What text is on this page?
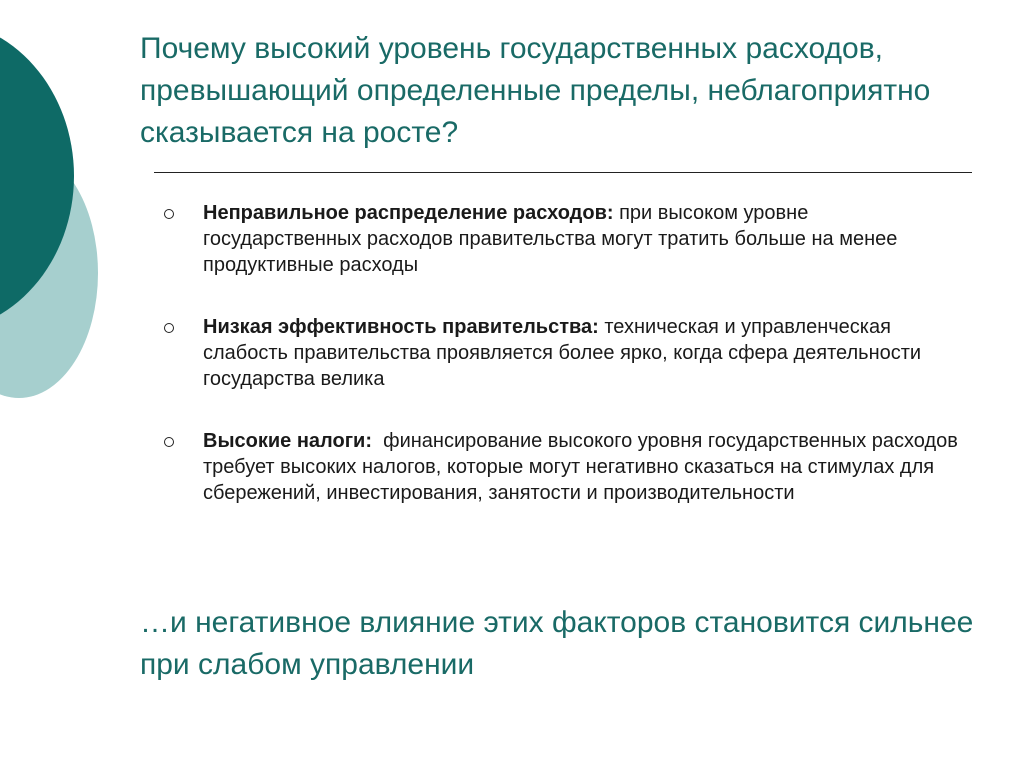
Почему высокий уровень государственных расходов, превышающий определенные пределы, неблагоприятно сказывается на росте?
Неправильное распределение расходов: при высоком уровне государственных расходов правительства могут тратить больше на менее продуктивные расходы
Низкая эффективность правительства: техническая и управленческая слабость правительства проявляется более ярко, когда сфера деятельности государства велика
Высокие налоги:  финансирование высокого уровня государственных расходов требует высоких налогов, которые могут негативно сказаться на стимулах для сбережений, инвестирования, занятости и производительности

…и негативное влияние этих факторов становится сильнее при слабом управлении
